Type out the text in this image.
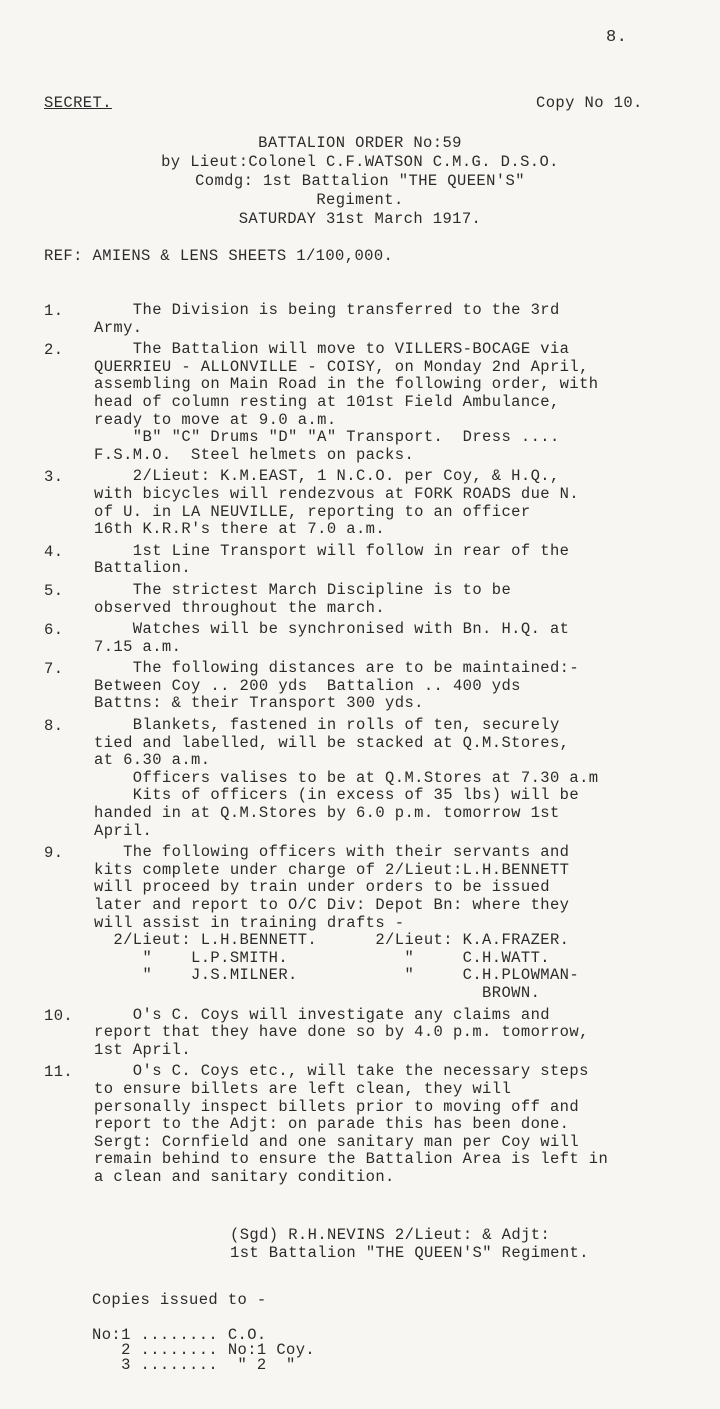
8.
SECRET.	Copy No 10.
BATTALION ORDER No:59
by Lieut:Colonel C.F.WATSON C.M.G. D.S.O.
Comdg: 1st Battalion "THE QUEEN'S"
Regiment.
SATURDAY 31st March 1917.
REF: AMIENS & LENS SHEETS 1/100,000.
1. The Division is being transferred to the 3rd
Army.
2. The Battalion will move to VILLERS-BOCAGE via
QUERRIEU - ALLONVILLE - COISY, on Monday 2nd April,
assembling on Main Road in the following order, with
head of column resting at 101st Field Ambulance,
ready to move at 9.0 a.m.
"B" "C" Drums "D" "A" Transport.  Dress ....
F.S.M.O.  Steel helmets on packs.
3. 2/Lieut: K.M.EAST, 1 N.C.O. per Coy, & H.Q.,
with bicycles will rendezvous at FORK ROADS due N.
of U. in LA NEUVILLE, reporting to an officer
16th K.R.R's there at 7.0 a.m.
4. 1st Line Transport will follow in rear of the
Battalion.
5. The strictest March Discipline is to be
observed throughout the march.
6. Watches will be synchronised with Bn. H.Q. at
7.15 a.m.
7. The following distances are to be maintained:-
Between Coy .. 200 yds  Battalion .. 400 yds
Battns: & their Transport 300 yds.
8. Blankets, fastened in rolls of ten, securely
tied and labelled, will be stacked at Q.M.Stores,
at 6.30 a.m.
Officers valises to be at Q.M.Stores at 7.30 a.m
Kits of officers (in excess of 35 lbs) will be
handed in at Q.M.Stores by 6.0 p.m. tomorrow 1st
April.
9. The following officers with their servants and
kits complete under charge of 2/Lieut:L.H.BENNETT
will proceed by train under orders to be issued
later and report to O/C Div: Depot Bn: where they
will assist in training drafts -
2/Lieut: L.H.BENNETT.      2/Lieut: K.A.FRAZER.
"    L.P.SMITH.            "     C.H.WATT.
"    J.S.MILNER.           "     C.H.PLOWMAN-
BROWN.
10. O's C. Coys will investigate any claims and
report that they have done so by 4.0 p.m. tomorrow,
1st April.
11. O's C. Coys etc., will take the necessary steps
to ensure billets are left clean, they will
personally inspect billets prior to moving off and
report to the Adjt: on parade this has been done.
Sergt: Cornfield and one sanitary man per Coy will
remain behind to ensure the Battalion Area is left in
a clean and sanitary condition.
(Sgd) R.H.NEVINS 2/Lieut: & Adjt:
1st Battalion "THE QUEEN'S" Regiment.
Copies issued to -
No:1 ........ C.O.
2 ........ No:1 Coy.
3 ........  " 2  "
